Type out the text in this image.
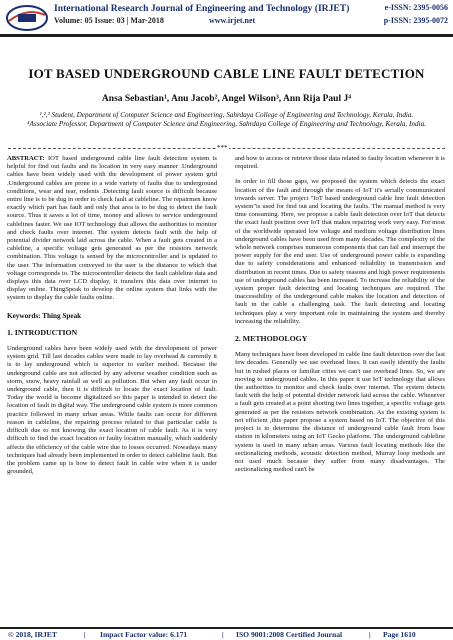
International Research Journal of Engineering and Technology (IRJET)
Volume: 05 Issue: 03 | Mar-2018	www.irjet.net
e-ISSN: 2395-0056
p-ISSN: 2395-0072
IOT BASED UNDERGROUND CABLE LINE FAULT DETECTION
Ansa Sebastian¹, Anu Jacob², Angel Wilson³, Ann Rija Paul J⁴
¹,²,³ Student, Department of Computer Science and Engineering, Sahrdaya College of Engineering and Technology, Kerala, India.
⁴Associate Professor, Department of Computer Science and Engineering, Sahrdaya College of Engineering and Technology, Kerala, India.
***

ABSTRACT: IOT based underground cable line fault detection system is helpful for find out faults and its location in very easy manner .Underground cables have been widely used with the development of power system grid .Underground cables are prone to a wide variety of faults due to underground conditions, wear and tear, rodents .Detecting fault source is difficult because entire line is to be dug in order to check fault at cableline. The repairmen know exactly which part has fault and only that area is to be dug to detect the fault source. Thus it saves a lot of time, money and allows to service underground cablelines faster. We use IOT technology that allows the authorities to monitor and check faults over internet. The system detects fault with the help of potential divider network laid across the cable. When a fault gets created in a cableline, a specific voltage gets generated as per the resistors network combination. This voltage is sensed by the microcontroller and is updated to the user. The information conveyed to the user is the distance to which that voltage corresponds to. The microcontroller detects the fault cableline data and displays this data over LCD display, it transfers this data over internet to display online. ThingSpeak to develop the online system that links with the system to display the cable faults online.

Keywords: Thing Speak
1. INTRODUCTION

Underground cables have been widely used with the development of power system grid. Till last decades cables were made to lay overhead & currently it is to lay underground which is superior to earlier method. Because the underground cable are not affected by any adverse weather condition such as storm, snow, heavy rainfall as well as pollution. But when any fault occur in underground cable, then it is difficult to locate the exact location of fault. Today the world is become digitalized so this paper is intended to detect the location of fault in digital way. The underground cable system is more common practice followed in many urban areas. While faults can occur for different reason in cableline, the repairing process related to that particular cable is difficult due to not knowing the exact location of cable fault. As it is very difficult to find the exact location or faulty location manually, which suddenly affects the efficiency of the cable wire due to losses occurred. Nowadays many techniques had already been implemented in order to detect cableline fault. But the problem came up is how to detect fault in cable wire when it is under grounded,

and how to access or retrieve those data related to faulty location whenever it is required.

In order to fill those gaps, we proposed the system which detects the exact location of the fault and through the means of IoT it's serially communicated towards server. The project "IoT based underground cable line fault detection system"is used for find out and locating the faults. The manual method is very time consuming. Here, we propose a cable fault detection over IoT that detects the exact fault position over IoT that makes repairing work very easy. For most of the worldwide operated low voltage and medium voltage distribution lines underground cables have been used from many decades. The complexity of the whole network comprises numerous components that can fail and interrupt the power supply for the end user. Use of underground power cable is expanding due to safety considerations and enhanced reliability in transmission and distribution in recent times. Due to safety reasons and high power requirements use of underground cables has been increased. To increase the reliability of the system proper fault detecting and locating techniques are required. The inaccessibility of the underground cable makes the location and detection of fault in the cable a challenging task. The fault detecting and locating techniques play a very important role in maintaining the system and thereby increasing the reliability.

2. METHODOLOGY

Many techniques have been developed in cable line fault detection over the last few decades. Generally we use overhead lines. It can easily identify the faults but in rushed places or familiar cities we can't use overhead lines. So, we are moving to underground cables. In this paper it use IoT technology that allows the authorities to monitor and check faults over internet. The system detects fault with the help of potential divider network laid across the cable. Whenever a fault gets created at a point shorting two lines together, a specific voltage gets generated as per the resistors network combination. As the existing system is not efficient ,this paper propose a system based on IoT. The objective of this project is to determine the distance of underground cable fault from base station in kilometers using an IoT Gecko platform. The underground cableline system is used in many urban areas. Various fault locating methods like the sectionalizing methods, acoustic detection method, Murray loop methods are not used much because they suffer from many disadvantages. The sectionalizing method can't be

© 2018, IRJET	| Impact Factor value: 6.171	| ISO 9001:2008 Certified Journal	| Page 1610
